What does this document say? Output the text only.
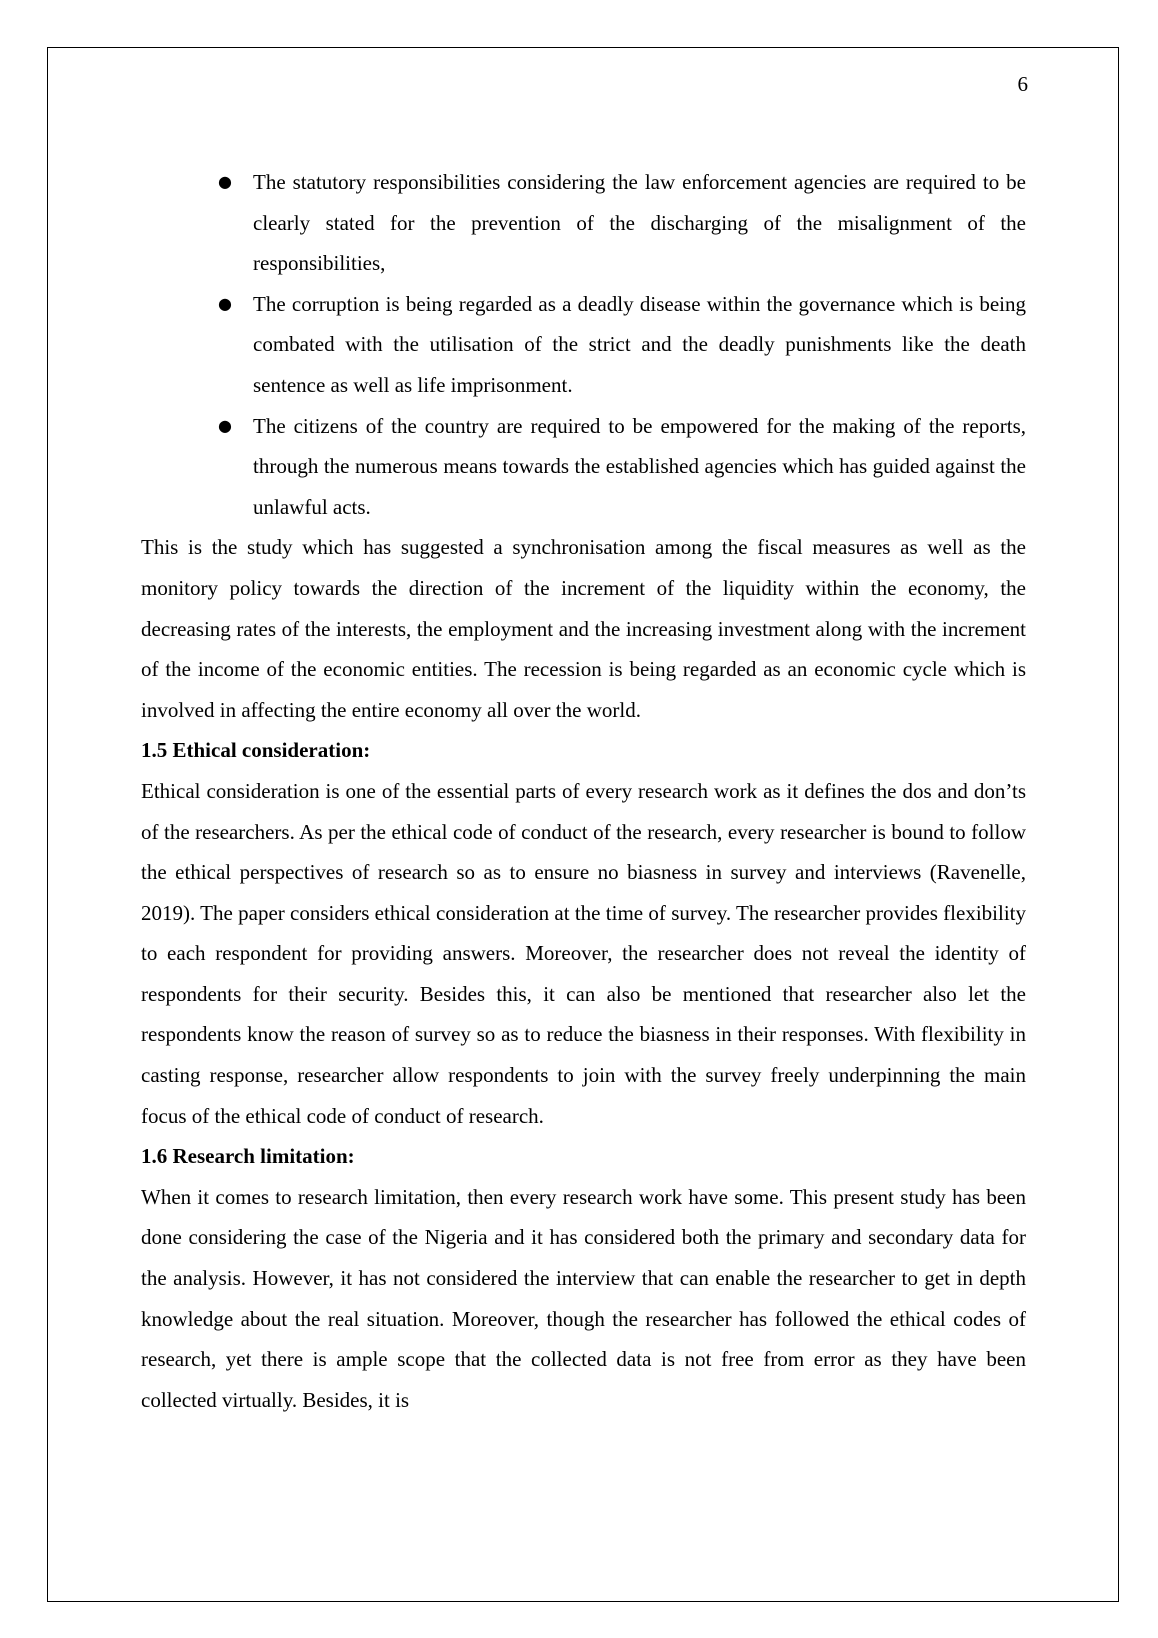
6
● The statutory responsibilities considering the law enforcement agencies are required to be clearly stated for the prevention of the discharging of the misalignment of the responsibilities,
● The corruption is being regarded as a deadly disease within the governance which is being combated with the utilisation of the strict and the deadly punishments like the death sentence as well as life imprisonment.
● The citizens of the country are required to be empowered for the making of the reports, through the numerous means towards the established agencies which has guided against the unlawful acts.

This is the study which has suggested a synchronisation among the fiscal measures as well as the monitory policy towards the direction of the increment of the liquidity within the economy, the decreasing rates of the interests, the employment and the increasing investment along with the increment of the income of the economic entities. The recession is being regarded as an economic cycle which is involved in affecting the entire economy all over the world.

1.5 Ethical consideration:

Ethical consideration is one of the essential parts of every research work as it defines the dos and don’ts of the researchers. As per the ethical code of conduct of the research, every researcher is bound to follow the ethical perspectives of research so as to ensure no biasness in survey and interviews (Ravenelle, 2019). The paper considers ethical consideration at the time of survey. The researcher provides flexibility to each respondent for providing answers. Moreover, the researcher does not reveal the identity of respondents for their security. Besides this, it can also be mentioned that researcher also let the respondents know the reason of survey so as to reduce the biasness in their responses. With flexibility in casting response, researcher allow respondents to join with the survey freely underpinning the main focus of the ethical code of conduct of research.

1.6 Research limitation:

When it comes to research limitation, then every research work have some. This present study has been done considering the case of the Nigeria and it has considered both the primary and secondary data for the analysis. However, it has not considered the interview that can enable the researcher to get in depth knowledge about the real situation. Moreover, though the researcher has followed the ethical codes of research, yet there is ample scope that the collected data is not free from error as they have been collected virtually. Besides, it is
